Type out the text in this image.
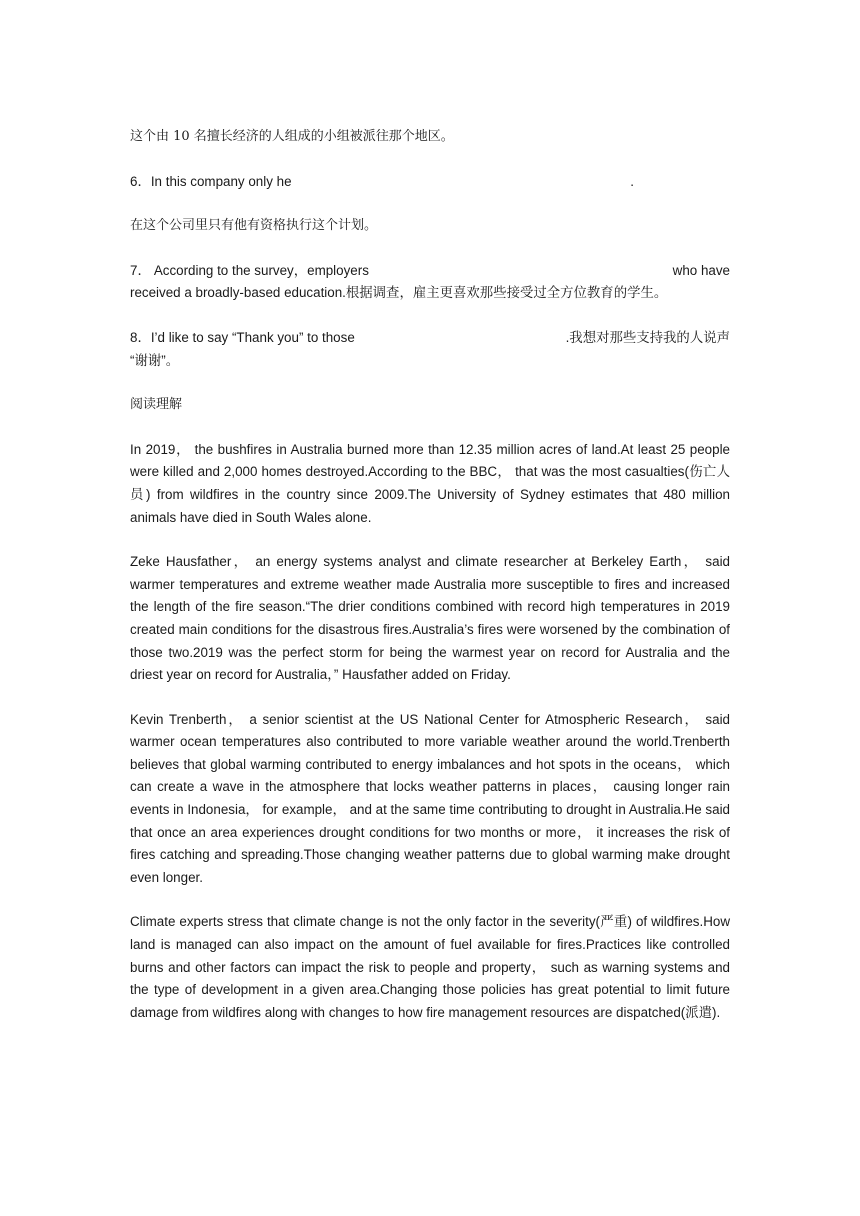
这个由 10 名擅长经济的人组成的小组被派往那个地区。

6．In this company only he	.

在这个公司里只有他有资格执行这个计划。

7． According to the survey，employers	who have
received a broadly-based education.根据调查，雇主更喜欢那些接受过全方位教育的学生。
8．I’d like to say “Thank you” to those	.我想对那些支持我的人说声
“谢谢”。

阅读理解

In 2019， the bushfires in Australia burned more than 12.35 million acres of land.At least 25 people were killed and 2,000 homes destroyed.According to the BBC， that was the most casualties(伤亡人员) from wildfires in the country since 2009.The University of Sydney estimates that 480 million animals have died in South Wales alone.

Zeke Hausfather， an energy systems analyst and climate researcher at Berkeley Earth， said warmer temperatures and extreme weather made Australia more susceptible to fires and increased the length of the fire season.“The drier conditions combined with record high temperatures in 2019 created main conditions for the disastrous fires.Australia’s fires were worsened by the combination of those two.2019 was the perfect storm for being the warmest year on record for Australia and the driest year on record for Australia，” Hausfather added on Friday.

Kevin Trenberth， a senior scientist at the US National Center for Atmospheric Research， said warmer ocean temperatures also contributed to more variable weather around the world.Trenberth believes that global warming contributed to energy imbalances and hot spots in the oceans， which can create a wave in the atmosphere that locks weather patterns in places， causing longer rain events in Indonesia， for example， and at the same time contributing to drought in Australia.He said that once an area experiences drought conditions for two months or more， it increases the risk of fires catching and spreading.Those changing weather patterns due to global warming make drought even longer.

Climate experts stress that climate change is not the only factor in the severity(严重) of wildfires.How land is managed can also impact on the amount of fuel available for fires.Practices like controlled burns and other factors can impact the risk to people and property， such as warning systems and the type of development in a given area.Changing those policies has great potential to limit future damage from wildfires along with changes to how fire management resources are dispatched(派遣).
